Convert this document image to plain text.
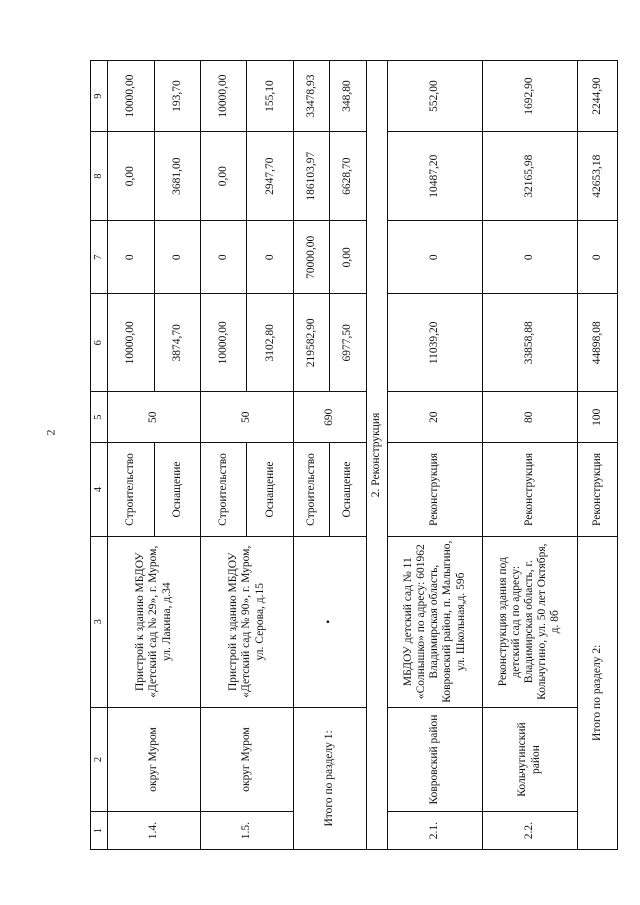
2
1	2	3	4	5	6	7	8	9
1.4.	округ Муром	Пристрой к зданию МБДОУ «Детский сад № 29», г. Муром, ул. Лакина, д.34	Строительство	50	10000,00	0	0,00	10000,00
			Оснащение		3874,70	0	3681,00	193,70
1.5.	округ Муром	Пристрой к зданию МБДОУ «Детский сад № 90», г. Муром, ул. Серова, д.15	Строительство	50	10000,00	0	0,00	10000,00
			Оснащение		3102,80	0	2947,70	155,10
Итого по разделу 1:		•	Строительство	690	219582,90	70000,00	186103,97	33478,93
			Оснащение		6977,50	0,00	6628,70	348,80
2. Реконструкция								
2.1.	Ковровский район	МБДОУ детский сад № 11 «Солнышко» по адресу: 601962 Владимирская область, Ковровский район, п. Малыгино, ул. Школьная,д. 59б	Реконструкция	20	11039,20	0	10487,20	552,00
2.2.	Кольчугинский район	Реконструкция здания под детский сад по адресу: Владимирская область, г. Кольчугино, ул. 50 лет Октября, д. 8б	Реконструкция	80	33858,88	0	32165,98	1692,90
Итого по разделу 2:			Реконструкция	100	44898,08	0	42653,18	2244,90
